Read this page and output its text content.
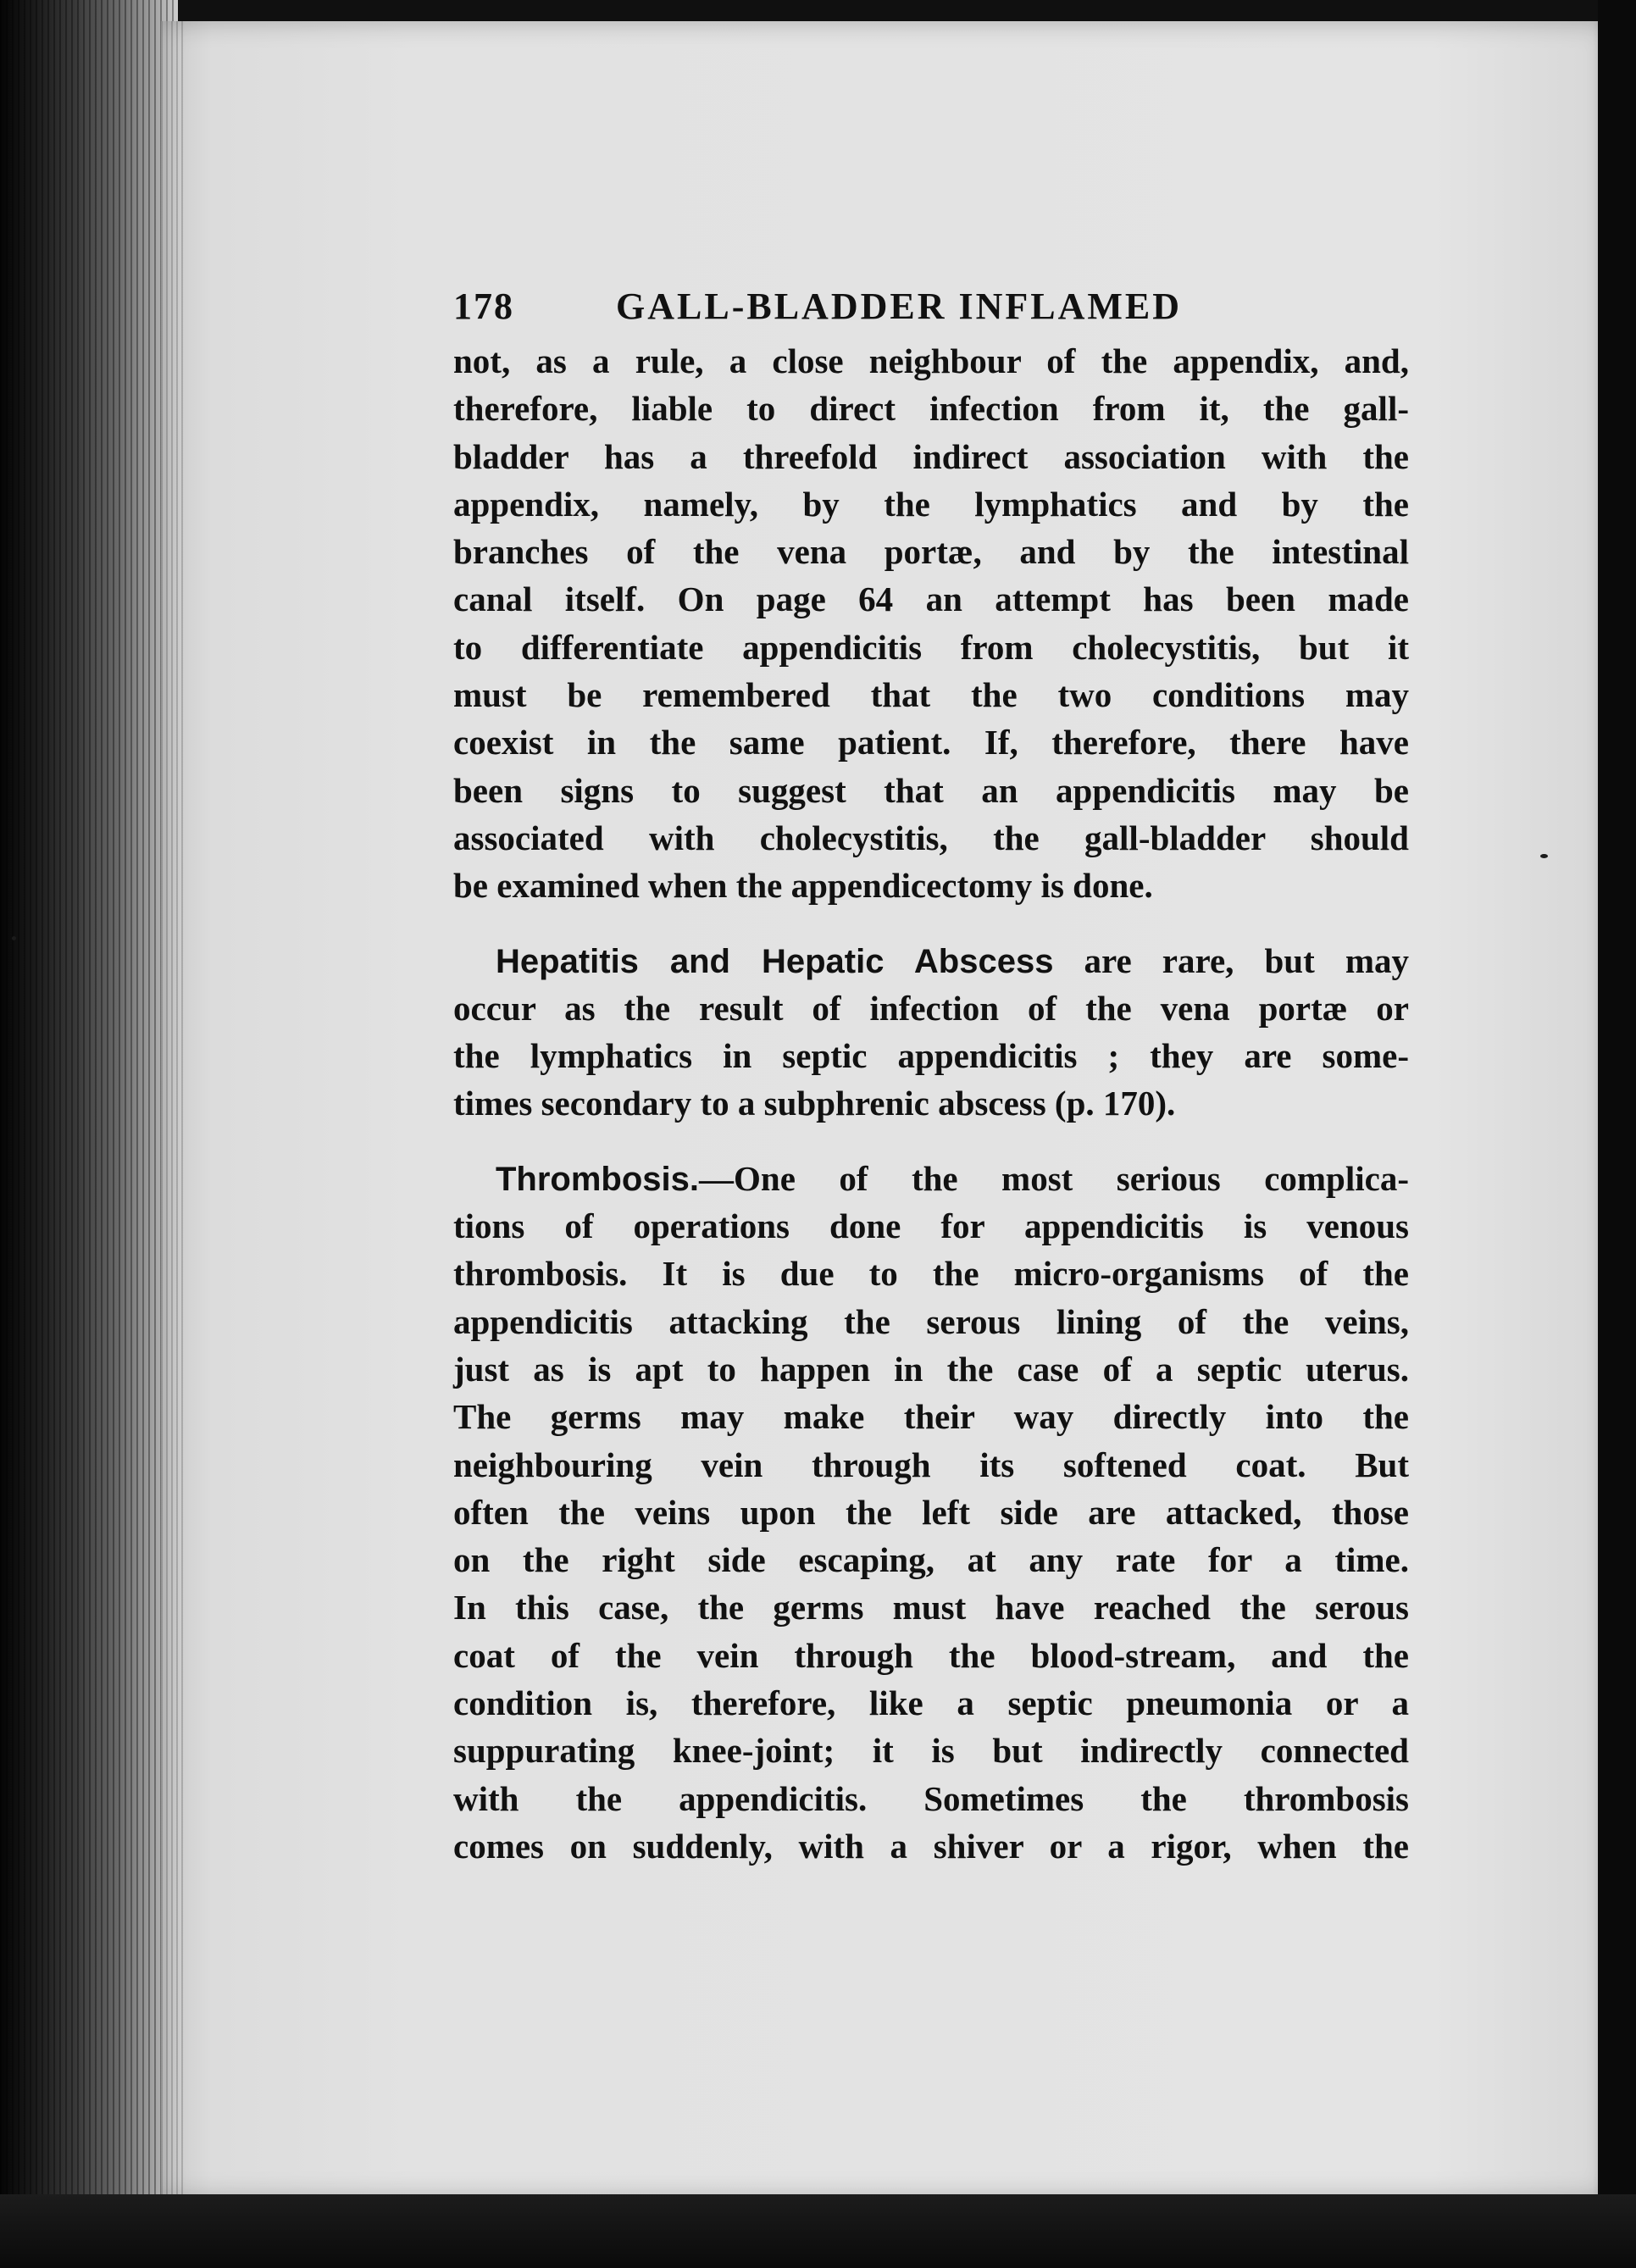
178	GALL-BLADDER INFLAMED
not, as a rule, a close neighbour of the appendix, and,
therefore, liable to direct infection from it, the gall-
bladder has a threefold indirect association with the
appendix, namely, by the lymphatics and by the
branches of the vena portæ, and by the intestinal
canal itself. On page 64 an attempt has been made
to differentiate appendicitis from cholecystitis, but it
must be remembered that the two conditions may
coexist in the same patient. If, therefore, there have
been signs to suggest that an appendicitis may be
associated with cholecystitis, the gall-bladder should
be examined when the appendicectomy is done.
Hepatitis and Hepatic Abscess are rare, but may
occur as the result of infection of the vena portæ or
the lymphatics in septic appendicitis ; they are some-
times secondary to a subphrenic abscess (p. 170).
Thrombosis.—One of the most serious complica-
tions of operations done for appendicitis is venous
thrombosis. It is due to the micro-organisms of the
appendicitis attacking the serous lining of the veins,
just as is apt to happen in the case of a septic uterus.
The germs may make their way directly into the
neighbouring vein through its softened coat. But
often the veins upon the left side are attacked, those
on the right side escaping, at any rate for a time.
In this case, the germs must have reached the serous
coat of the vein through the blood-stream, and the
condition is, therefore, like a septic pneumonia or a
suppurating knee-joint; it is but indirectly connected
with the appendicitis. Sometimes the thrombosis
comes on suddenly, with a shiver or a rigor, when the
